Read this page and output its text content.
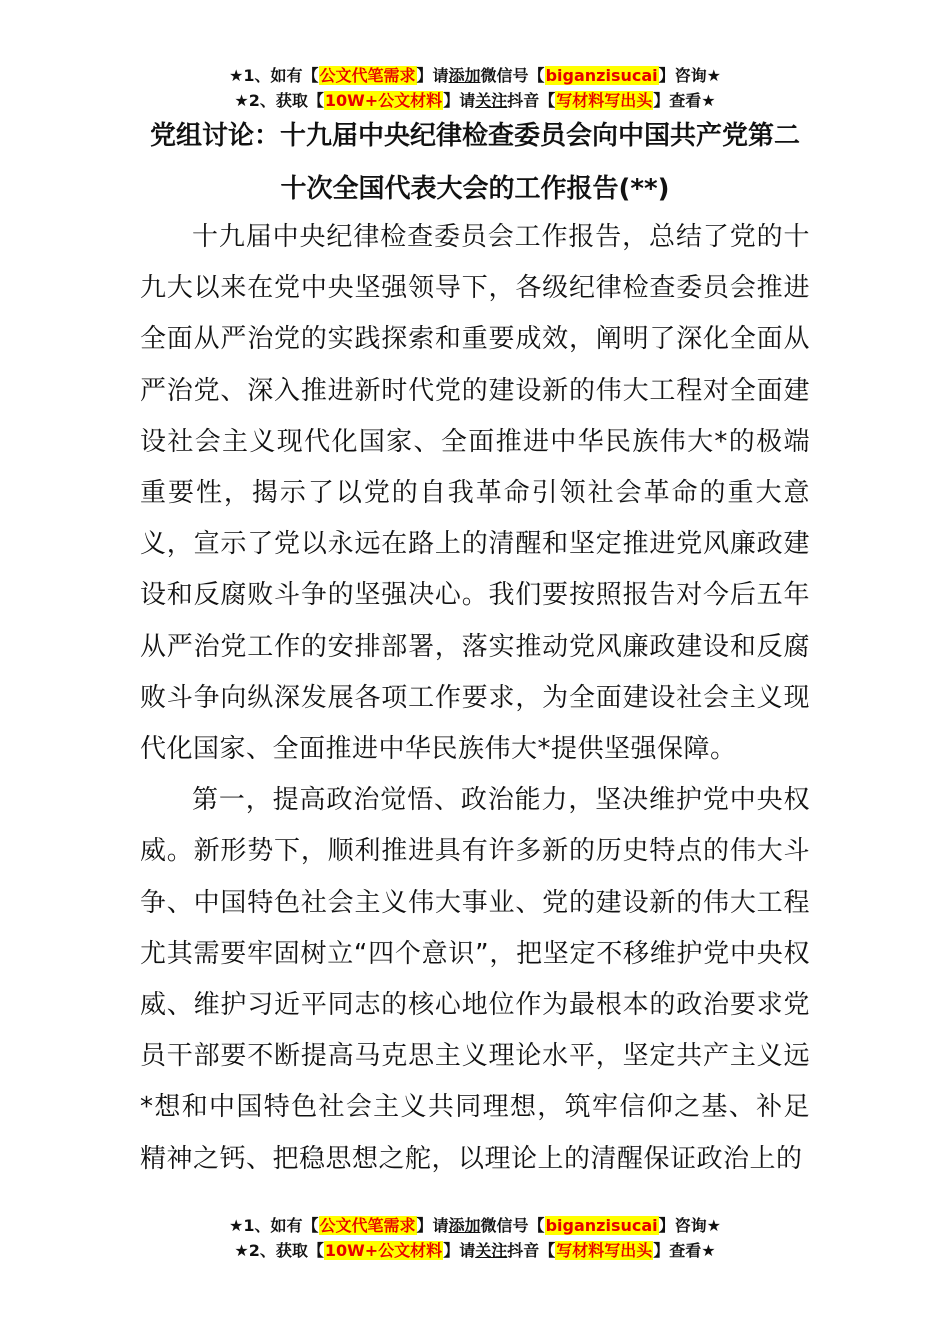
★1、如有【公文代笔需求】请添加微信号【biganzisucai】咨询★
★2、获取【10W+公文材料】请关注抖音【写材料写出头】查看★
党组讨论：十九届中央纪律检查委员会向中国共产党第二十次全国代表大会的工作报告(**)

十九届中央纪律检查委员会工作报告，总结了党的十九大以来在党中央坚强领导下，各级纪律检查委员会推进全面从严治党的实践探索和重要成效，阐明了深化全面从严治党、深入推进新时代党的建设新的伟大工程对全面建设社会主义现代化国家、全面推进中华民族伟大*的极端重要性，揭示了以党的自我革命引领社会革命的重大意义，宣示了党以永远在路上的清醒和坚定推进党风廉政建设和反腐败斗争的坚强决心。我们要按照报告对今后五年从严治党工作的安排部署，落实推动党风廉政建设和反腐败斗争向纵深发展各项工作要求，为全面建设社会主义现代化国家、全面推进中华民族伟大*提供坚强保障。

第一，提高政治觉悟、政治能力，坚决维护党中央权威。新形势下，顺利推进具有许多新的历史特点的伟大斗争、中国特色社会主义伟大事业、党的建设新的伟大工程尤其需要牢固树立“四个意识”，把坚定不移维护党中央权威、维护习近平同志的核心地位作为最根本的政治要求党员干部要不断提高马克思主义理论水平，坚定共产主义远*想和中国特色社会主义共同理想，筑牢信仰之基、补足精神之钙、把稳思想之舵，以理论上的清醒保证政治上的

★1、如有【公文代笔需求】请添加微信号【biganzisucai】咨询★
★2、获取【10W+公文材料】请关注抖音【写材料写出头】查看★
